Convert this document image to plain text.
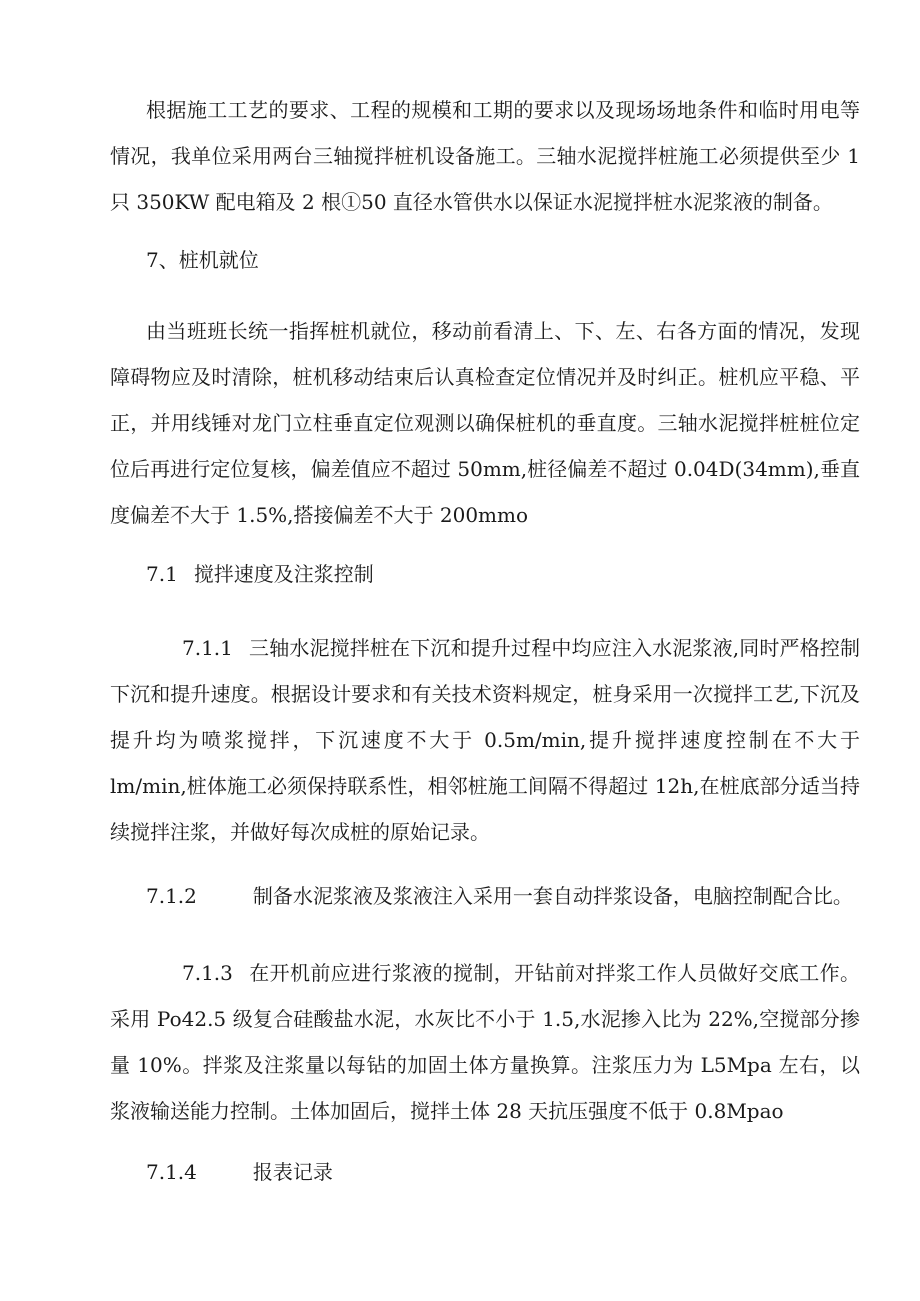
根据施工工艺的要求、工程的规模和工期的要求以及现场场地条件和临时用电等情况，我单位采用两台三轴搅拌桩机设备施工。三轴水泥搅拌桩施工必须提供至少 1 只 350KW 配电箱及 2 根①50 直径水管供水以保证水泥搅拌桩水泥浆液的制备。

7、桩机就位

由当班班长统一指挥桩机就位，移动前看清上、下、左、右各方面的情况，发现障碍物应及时清除，桩机移动结束后认真检查定位情况并及时纠正。桩机应平稳、平正，并用线锤对龙门立柱垂直定位观测以确保桩机的垂直度。三轴水泥搅拌桩桩位定位后再进行定位复核，偏差值应不超过 50mm,桩径偏差不超过 0.04D(34mm),垂直度偏差不大于 1.5%,搭接偏差不大于 200mmo

7.1 搅拌速度及注浆控制

7.1.1 三轴水泥搅拌桩在下沉和提升过程中均应注入水泥浆液,同时严格控制下沉和提升速度。根据设计要求和有关技术资料规定，桩身采用一次搅拌工艺,下沉及提升均为喷浆搅拌，下沉速度不大于 0.5m∕min,提升搅拌速度控制在不大于 lm/min,桩体施工必须保持联系性，相邻桩施工间隔不得超过 12h,在桩底部分适当持续搅拌注浆，并做好每次成桩的原始记录。

7.1.2	制备水泥浆液及浆液注入采用一套自动拌浆设备，电脑控制配合比。

7.1.3 在开机前应进行浆液的搅制，开钻前对拌浆工作人员做好交底工作。采用 Po42.5 级复合硅酸盐水泥，水灰比不小于 1.5,水泥掺入比为 22%,空搅部分掺量 10%。拌浆及注浆量以每钻的加固土体方量换算。注浆压力为 L5Mpa 左右，以浆液输送能力控制。土体加固后，搅拌土体 28 天抗压强度不低于 0.8Mpao

7.1.4	报表记录
